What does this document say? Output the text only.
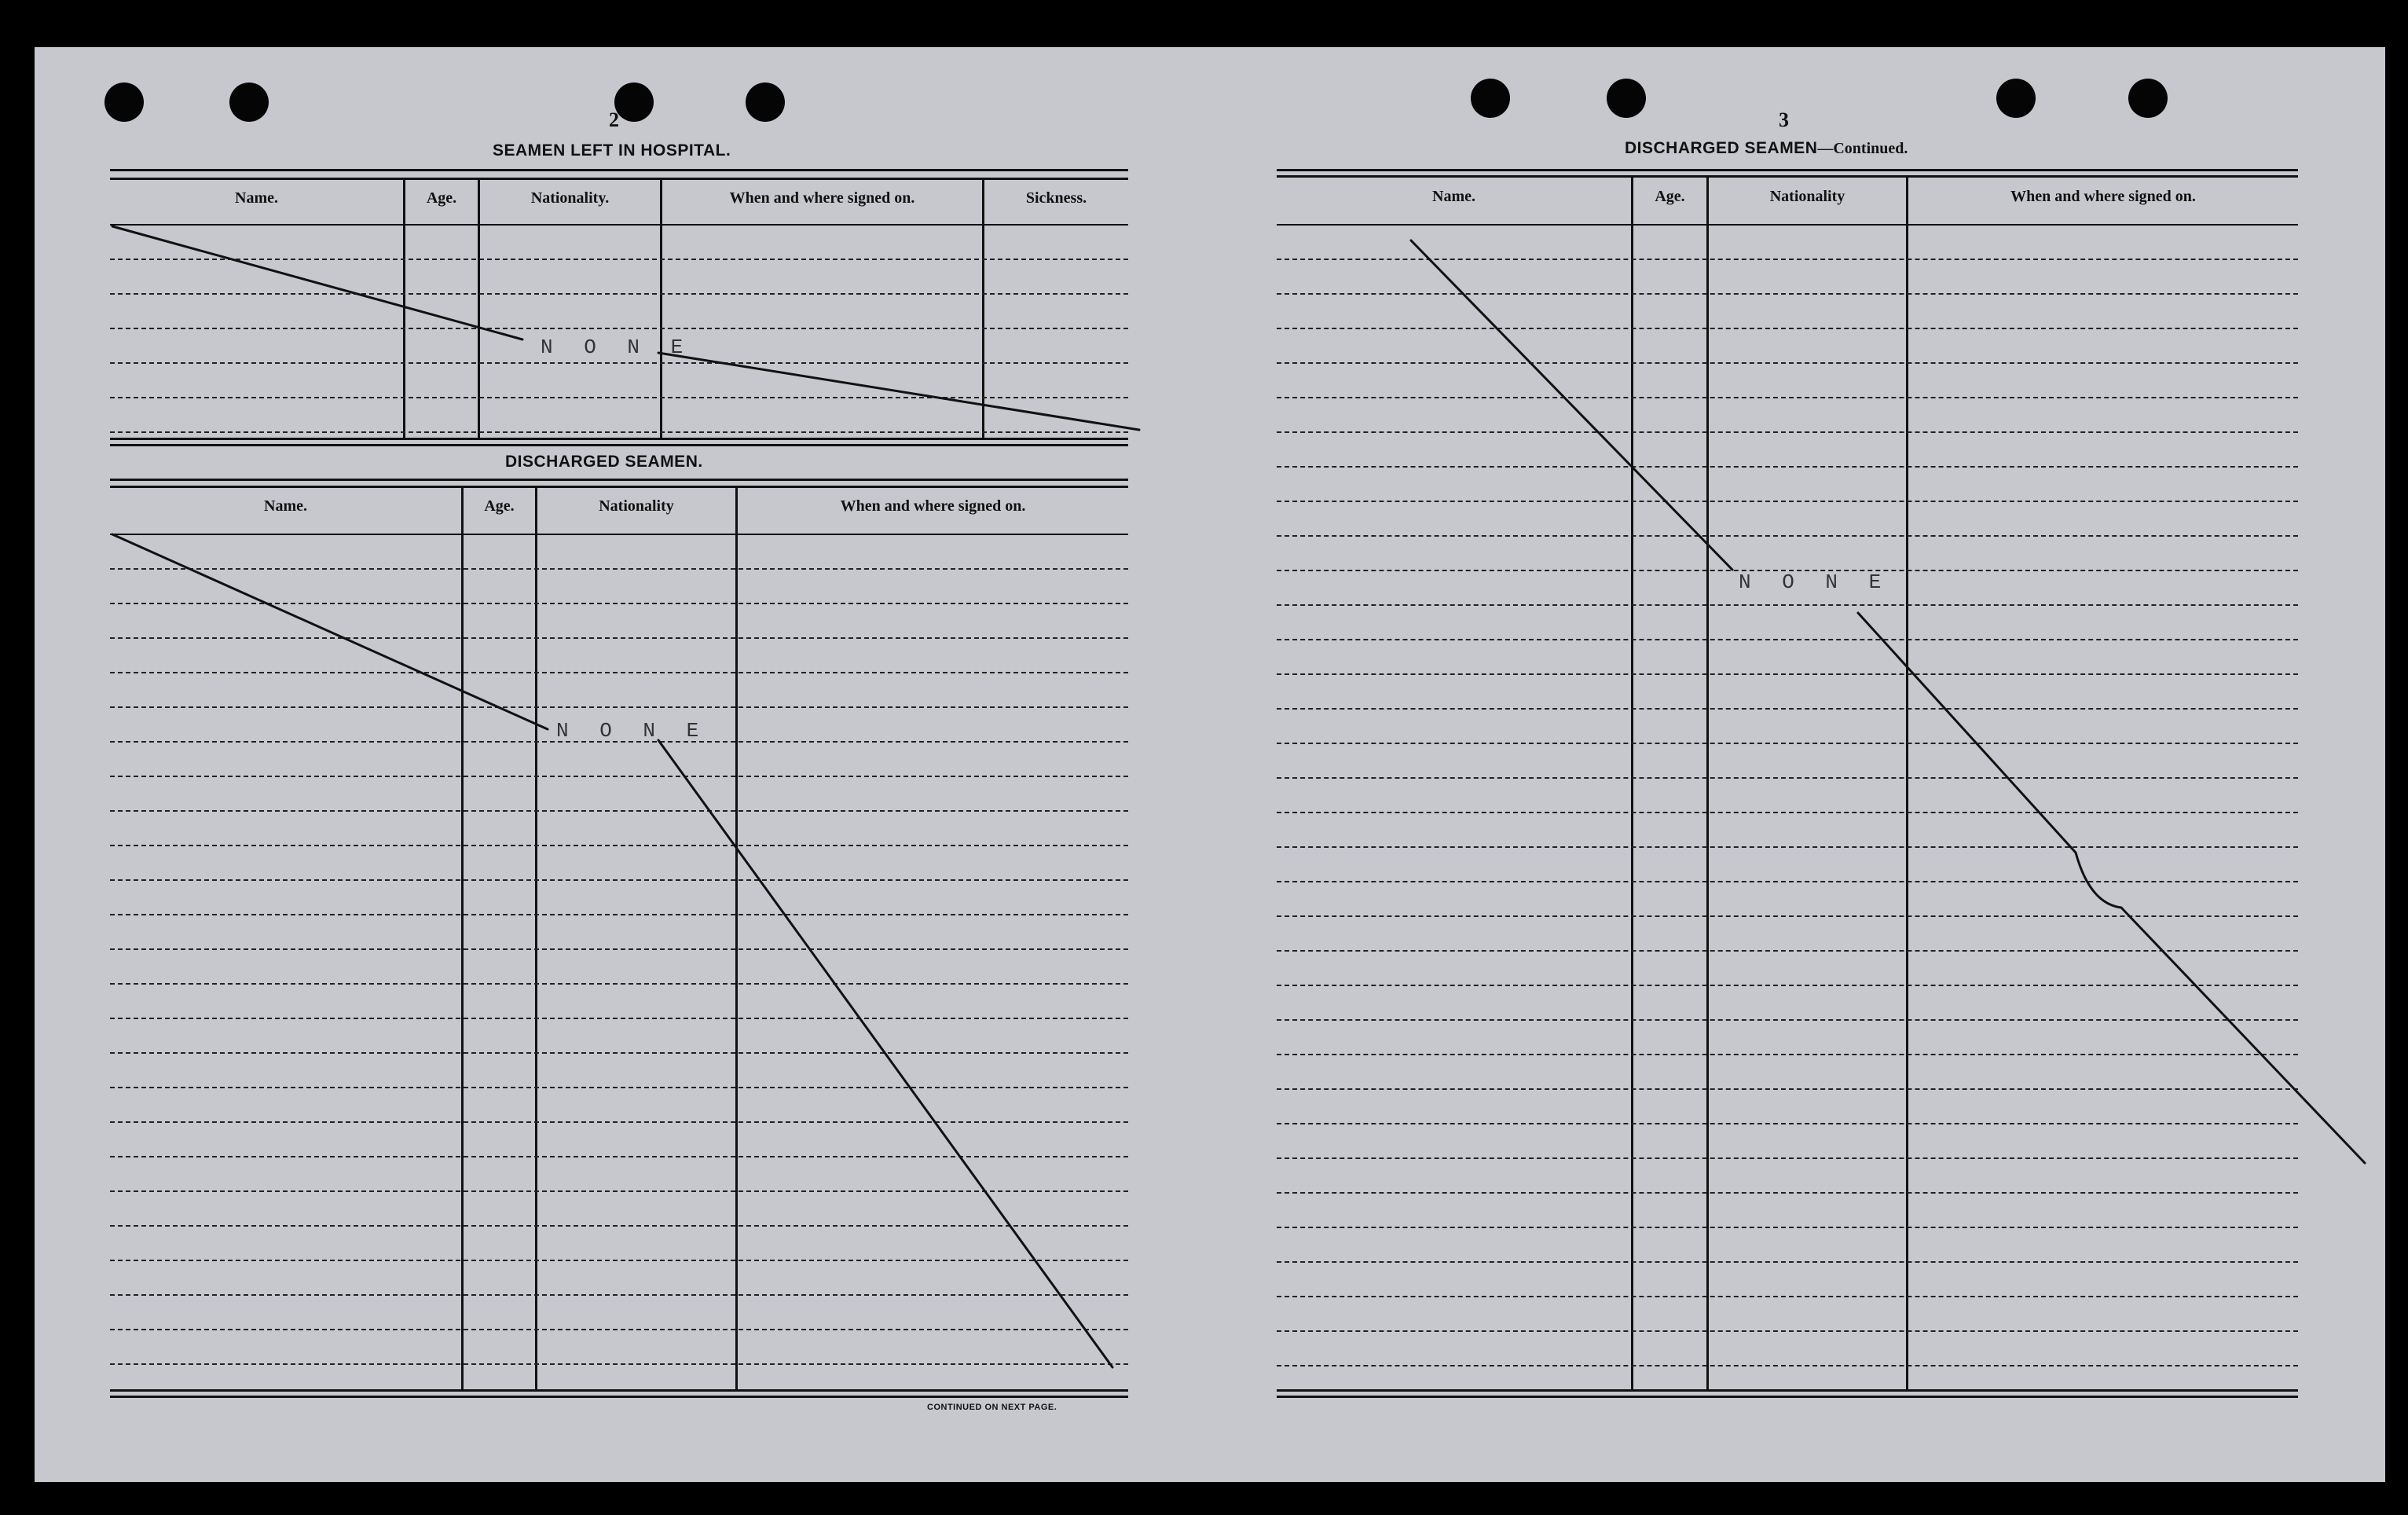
2
SEAMEN LEFT IN HOSPITAL.
Name.	Age.	Nationality.	When and where signed on.	Sickness.
N O N E
DISCHARGED SEAMEN.
Name.	Age.	Nationality	When and where signed on.
N O N E
CONTINUED ON NEXT PAGE.
3
DISCHARGED SEAMEN—Continued.
Name.	Age.	Nationality	When and where signed on.
N O N E
